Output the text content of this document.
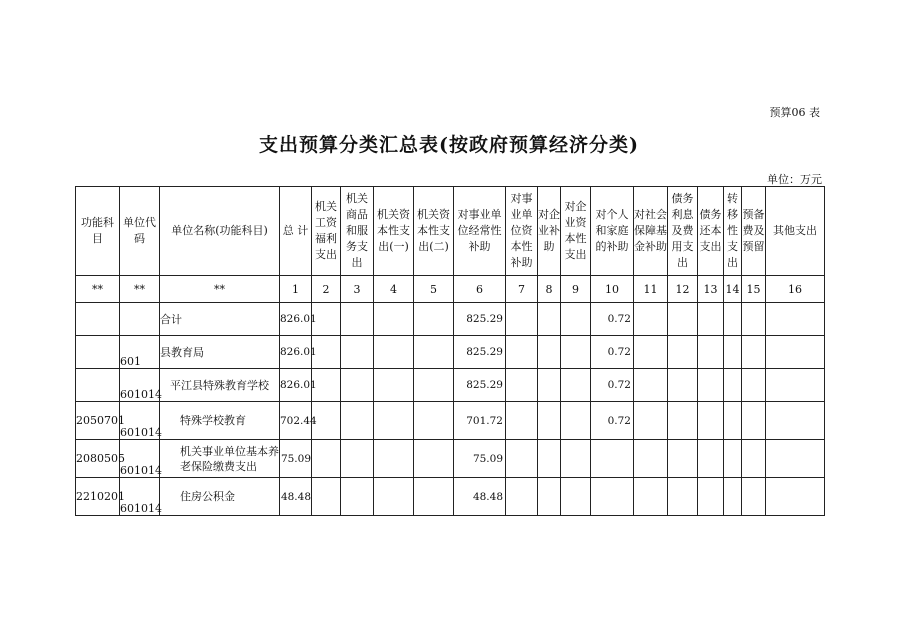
预算06 表
支出预算分类汇总表(按政府预算经济分类)
单位：万元
功能科目	单位代码	单位名称(功能科目)	总 计	机关工资福利支出	机关商品和服务支出	机关资本性支出(一)	机关资本性支出(二)	对事业单位经常性补助	对事业单位资本性补助	对企业补助	对企业资本性支出	对个人和家庭的补助	对社会保障基金补助	债务利息及费用支出	债务还本支出	转移性支出	预备费及预留	其他支出
**	**	**	1	2	3	4	5	6	7	8	9	10	11	12	13	14	15	16
		合计	826.01					825.29				0.72						
	601	县教育局	826.01					825.29				0.72						
	601014	平江县特殊教育学校	826.01					825.29				0.72						
2050701	601014	特殊学校教育	702.44					701.72				0.72						
2080505	601014	机关事业单位基本养老保险缴费支出	75.09					75.09										
2210201	601014	住房公积金	48.48					48.48										
